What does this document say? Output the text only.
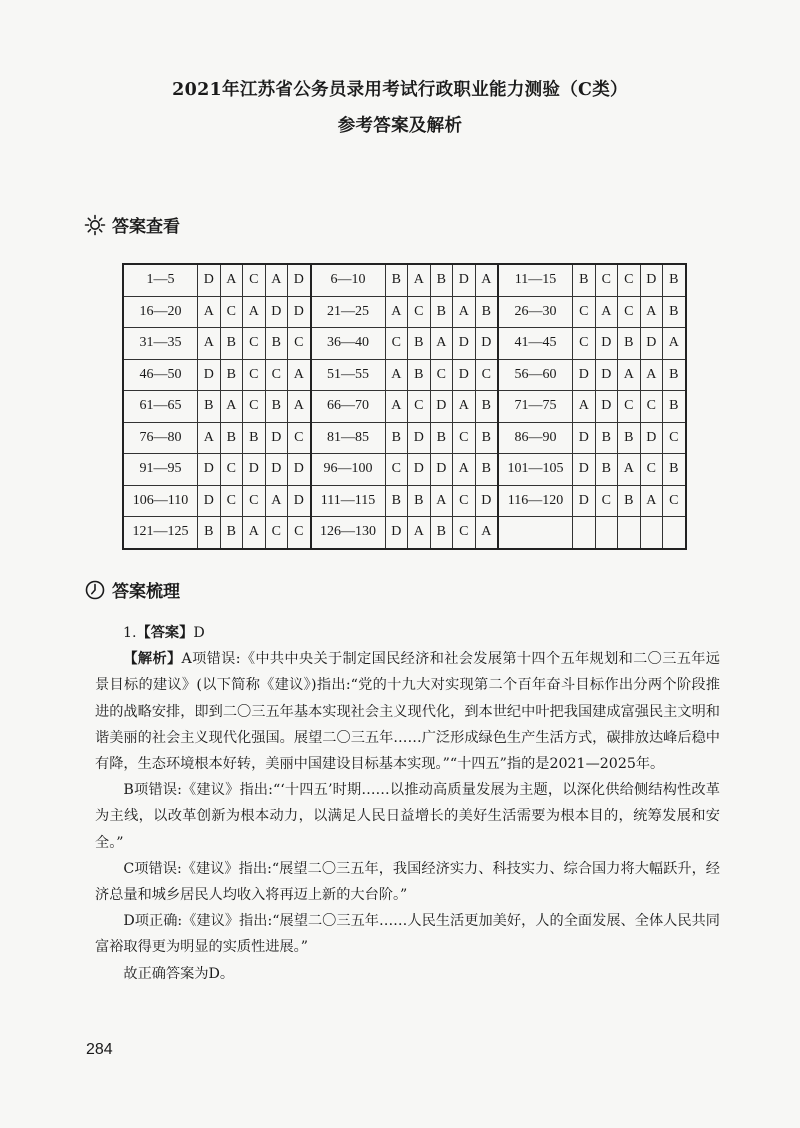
2021年江苏省公务员录用考试行政职业能力测验（C类）
参考答案及解析
答案查看
1—5	D	A	C	A	D	6—10	B	A	B	D	A	11—15	B	C	C	D	B
16—20	A	C	A	D	D	21—25	A	C	B	A	B	26—30	C	A	C	A	B
31—35	A	B	C	B	C	36—40	C	B	A	D	D	41—45	C	D	B	D	A
46—50	D	B	C	C	A	51—55	A	B	C	D	C	56—60	D	D	A	A	B
61—65	B	A	C	B	A	66—70	A	C	D	A	B	71—75	A	D	C	C	B
76—80	A	B	B	D	C	81—85	B	D	B	C	B	86—90	D	B	B	D	C
91—95	D	C	D	D	D	96—100	C	D	D	A	B	101—105	D	B	A	C	B
106—110	D	C	C	A	D	111—115	B	B	A	C	D	116—120	D	C	B	A	C
121—125	B	B	A	C	C	126—130	D	A	B	C	A						
答案梳理

1.【答案】D

【解析】A项错误:《中共中央关于制定国民经济和社会发展第十四个五年规划和二〇三五年远景目标的建议》(以下简称《建议》)指出:“党的十九大对实现第二个百年奋斗目标作出分两个阶段推进的战略安排，即到二〇三五年基本实现社会主义现代化，到本世纪中叶把我国建成富强民主文明和谐美丽的社会主义现代化强国。展望二〇三五年……广泛形成绿色生产生活方式，碳排放达峰后稳中有降，生态环境根本好转，美丽中国建设目标基本实现。”“十四五”指的是2021—2025年。

B项错误:《建议》指出:“‘十四五’时期……以推动高质量发展为主题，以深化供给侧结构性改革为主线，以改革创新为根本动力，以满足人民日益增长的美好生活需要为根本目的，统筹发展和安全。”

C项错误:《建议》指出:“展望二〇三五年，我国经济实力、科技实力、综合国力将大幅跃升，经济总量和城乡居民人均收入将再迈上新的大台阶。”

D项正确:《建议》指出:“展望二〇三五年……人民生活更加美好，人的全面发展、全体人民共同富裕取得更为明显的实质性进展。”

故正确答案为D。

284
